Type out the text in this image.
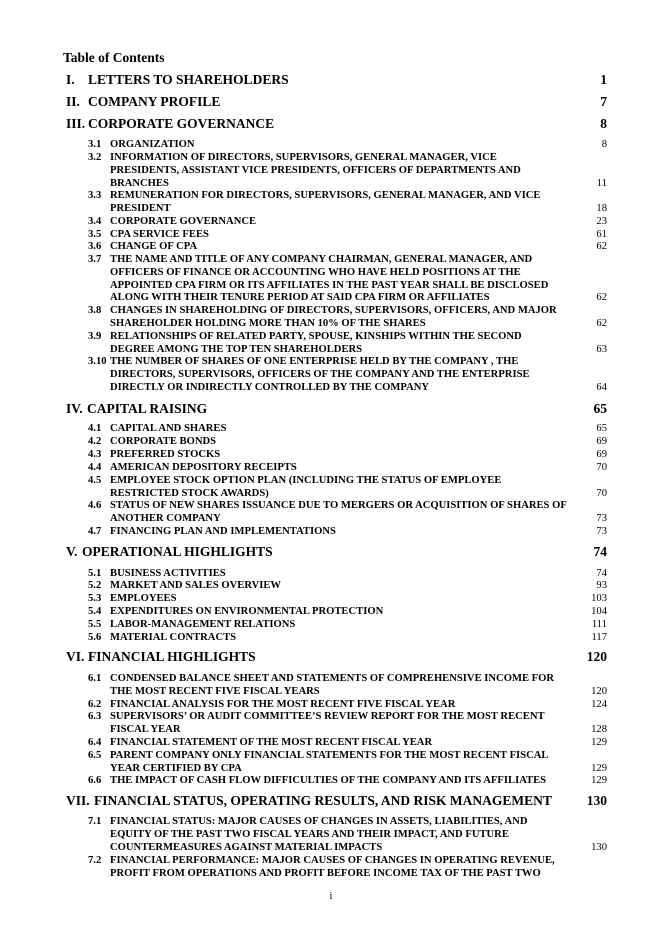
Table of Contents
I. LETTERS TO SHAREHOLDERS	1
II. COMPANY PROFILE	7
III. CORPORATE GOVERNANCE	8
IV. CAPITAL RAISING	65
V. OPERATIONAL HIGHLIGHTS	74
VI. FINANCIAL HIGHLIGHTS	120
VII. FINANCIAL STATUS, OPERATING RESULTS, AND RISK MANAGEMENT	130
3.1 ORGANIZATION	8
3.2 INFORMATION OF DIRECTORS, SUPERVISORS, GENERAL MANAGER, VICE PRESIDENTS, ASSISTANT VICE PRESIDENTS, OFFICERS OF DEPARTMENTS AND BRANCHES	11
3.3 REMUNERATION FOR DIRECTORS, SUPERVISORS, GENERAL MANAGER, AND VICE PRESIDENT	18
3.4 CORPORATE GOVERNANCE	23
3.5 CPA SERVICE FEES	61
3.6 CHANGE OF CPA	62
3.7 THE NAME AND TITLE OF ANY COMPANY CHAIRMAN, GENERAL MANAGER, AND OFFICERS OF FINANCE OR ACCOUNTING WHO HAVE HELD POSITIONS AT THE APPOINTED CPA FIRM OR ITS AFFILIATES IN THE PAST YEAR SHALL BE DISCLOSED ALONG WITH THEIR TENURE PERIOD AT SAID CPA FIRM OR AFFILIATES	62
3.8 CHANGES IN SHAREHOLDING OF DIRECTORS, SUPERVISORS, OFFICERS, AND MAJOR SHAREHOLDER HOLDING MORE THAN 10% OF THE SHARES	62
3.9 RELATIONSHIPS OF RELATED PARTY, SPOUSE, KINSHIPS WITHIN THE SECOND DEGREE AMONG THE TOP TEN SHAREHOLDERS	63
3.10 THE NUMBER OF SHARES OF ONE ENTERPRISE HELD BY THE COMPANY , THE DIRECTORS, SUPERVISORS, OFFICERS OF THE COMPANY AND THE ENTERPRISE DIRECTLY OR INDIRECTLY CONTROLLED BY THE COMPANY	64
4.1 CAPITAL AND SHARES	65
4.2 CORPORATE BONDS	69
4.3 PREFERRED STOCKS	69
4.4 AMERICAN DEPOSITORY RECEIPTS	70
4.5 EMPLOYEE STOCK OPTION PLAN (INCLUDING THE STATUS OF EMPLOYEE RESTRICTED STOCK AWARDS)	70
4.6 STATUS OF NEW SHARES ISSUANCE DUE TO MERGERS OR ACQUISITION OF SHARES OF ANOTHER COMPANY	73
4.7 FINANCING PLAN AND IMPLEMENTATIONS	73
5.1 BUSINESS ACTIVITIES	74
5.2 MARKET AND SALES OVERVIEW	93
5.3 EMPLOYEES	103
5.4 EXPENDITURES ON ENVIRONMENTAL PROTECTION	104
5.5 LABOR-MANAGEMENT RELATIONS	111
5.6 MATERIAL CONTRACTS	117
6.1 CONDENSED BALANCE SHEET AND STATEMENTS OF COMPREHENSIVE INCOME FOR THE MOST RECENT FIVE FISCAL YEARS	120
6.2 FINANCIAL ANALYSIS FOR THE MOST RECENT FIVE FISCAL YEAR	124
6.3 SUPERVISORS’ OR AUDIT COMMITTEE’S REVIEW REPORT FOR THE MOST RECENT FISCAL YEAR	128
6.4 FINANCIAL STATEMENT OF THE MOST RECENT FISCAL YEAR	129
6.5 PARENT COMPANY ONLY FINANCIAL STATEMENTS FOR THE MOST RECENT FISCAL YEAR CERTIFIED BY CPA	129
6.6 THE IMPACT OF CASH FLOW DIFFICULTIES OF THE COMPANY AND ITS AFFILIATES	129
7.1 FINANCIAL STATUS: MAJOR CAUSES OF CHANGES IN ASSETS, LIABILITIES, AND EQUITY OF THE PAST TWO FISCAL YEARS AND THEIR IMPACT, AND FUTURE COUNTERMEASURES AGAINST MATERIAL IMPACTS	130
7.2 FINANCIAL PERFORMANCE: MAJOR CAUSES OF CHANGES IN OPERATING REVENUE, PROFIT FROM OPERATIONS AND PROFIT BEFORE INCOME TAX OF THE PAST TWO
i
